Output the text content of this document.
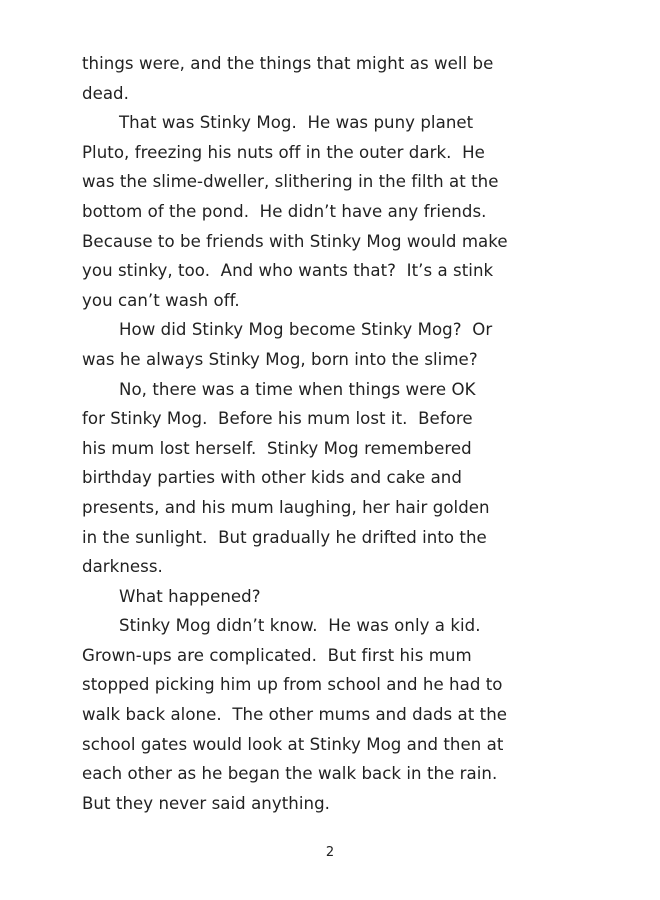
things were, and the things that might as well be
dead.
That was Stinky Mog.  He was puny planet
Pluto, freezing his nuts off in the outer dark.  He
was the slime-dweller, slithering in the filth at the
bottom of the pond.  He didn’t have any friends.
Because to be friends with Stinky Mog would make
you stinky, too.  And who wants that?  It’s a stink
you can’t wash off.
How did Stinky Mog become Stinky Mog?  Or
was he always Stinky Mog, born into the slime?
No, there was a time when things were OK
for Stinky Mog.  Before his mum lost it.  Before
his mum lost herself.  Stinky Mog remembered
birthday parties with other kids and cake and
presents, and his mum laughing, her hair golden
in the sunlight.  But gradually he drifted into the
darkness.
What happened?
Stinky Mog didn’t know.  He was only a kid.
Grown-ups are complicated.  But first his mum
stopped picking him up from school and he had to
walk back alone.  The other mums and dads at the
school gates would look at Stinky Mog and then at
each other as he began the walk back in the rain.
But they never said anything.
2
